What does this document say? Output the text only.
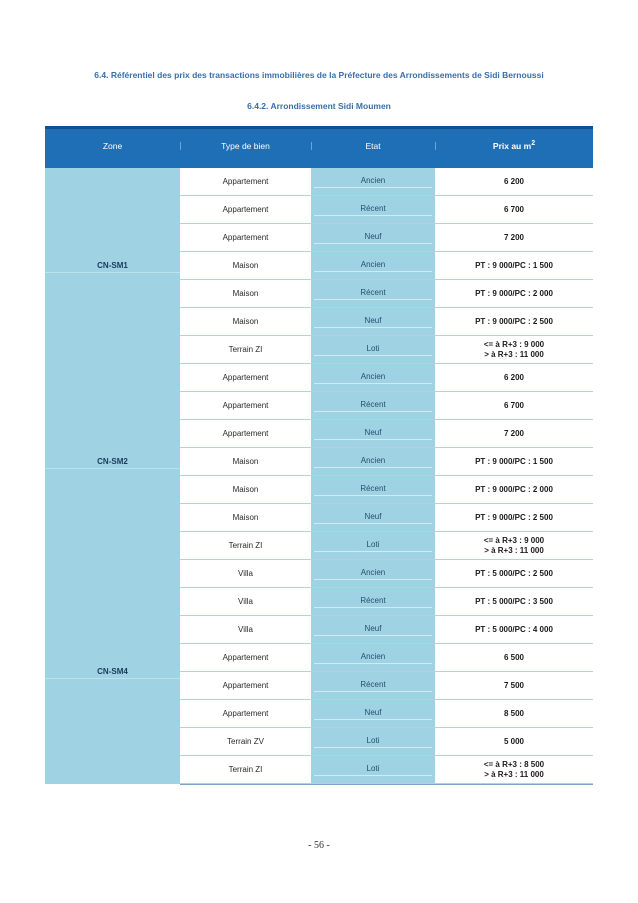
6.4. Référentiel des prix des transactions immobilières de la Préfecture des Arrondissements de Sidi Bernoussi
6.4.2. Arrondissement Sidi Moumen
Zone	Type de bien	Etat	Prix au $m^2$
CN-SM1
Appartement	Ancien	6 200
Appartement	Récent	6 700
Appartement	Neuf	7 200
Maison	Ancien	PT : 9 000/PC : 1 500
Maison	Récent	PT : 9 000/PC : 2 000
Maison	Neuf	PT : 9 000/PC : 2 500
Terrain ZI	Loti	<= à R+3 : 9 000
> à R+3 : 11 000
CN-SM2
Appartement	Ancien	6 200
Appartement	Récent	6 700
Appartement	Neuf	7 200
Maison	Ancien	PT : 9 000/PC : 1 500
Maison	Récent	PT : 9 000/PC : 2 000
Maison	Neuf	PT : 9 000/PC : 2 500
Terrain ZI	Loti	<= à R+3 : 9 000
> à R+3 : 11 000
CN-SM4
Villa	Ancien	PT : 5 000/PC : 2 500
Villa	Récent	PT : 5 000/PC : 3 500
Villa	Neuf	PT : 5 000/PC : 4 000
Appartement	Ancien	6 500
Appartement	Récent	7 500
Appartement	Neuf	8 500
Terrain ZV	Loti	5 000
Terrain ZI	Loti	<= à R+3 : 8 500
> à R+3 : 11 000
- 56 -
